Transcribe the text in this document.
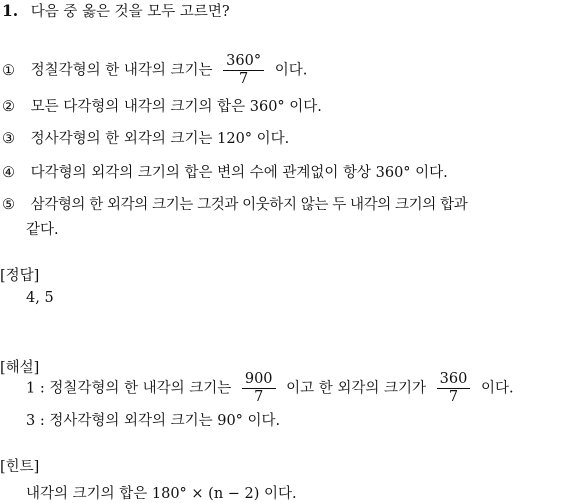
1. 다음 중 옳은 것을 모두 고르면?
① 정칠각형의 한 내각의 크기는 $\frac{360^\circ}{7}$ 이다.
② 모든 다각형의 내각의 크기의 합은 360° 이다.
③ 정사각형의 한 외각의 크기는 120° 이다.
④ 다각형의 외각의 크기의 합은 변의 수에 관계없이 항상 360° 이다.
⑤ 삼각형의 한 외각의 크기는 그것과 이웃하지 않는 두 내각의 크기의 합과
같다.
[정답]
4, 5
[해설]
1 : 정칠각형의 한 내각의 크기는 $\frac{900}{7}$ 이고 한 외각의 크기가 $\frac{360}{7}$ 이다.
3 : 정사각형의 외각의 크기는 90° 이다.
[힌트]
내각의 크기의 합은 180° × (n − 2) 이다.
